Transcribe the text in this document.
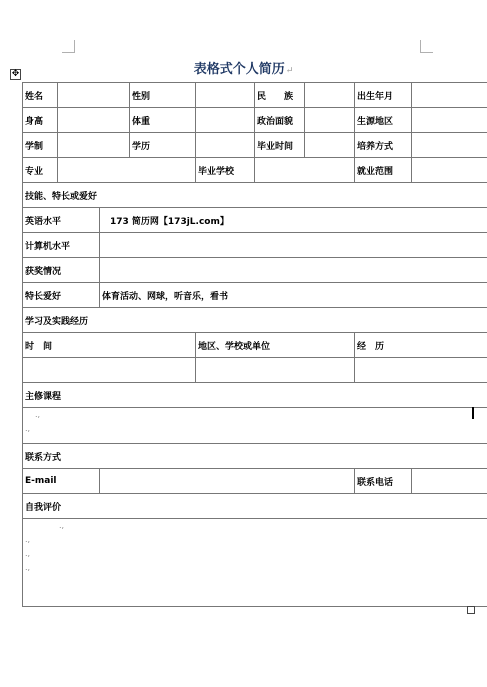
✥	表格式个人简历↵
姓名			性别		民　　族		出生年月	
身高			体重		政治面貌		生源地区	
学制			学历		毕业时间		培养方式	
专业				毕业学校			就业范围	
技能、特长或爱好								
英语水平		173 简历网【173jL.com】						
计算机水平								
获奖情况								
特长爱好		体育活动、网球，听音乐，看书						
学习及实践经历								
时　间				地区、学校或单位			经　历	

主修课程								

.,
.,								

联系方式								
E-mail							联系电话	
自我评价								

.,
.,
.,
.,								
